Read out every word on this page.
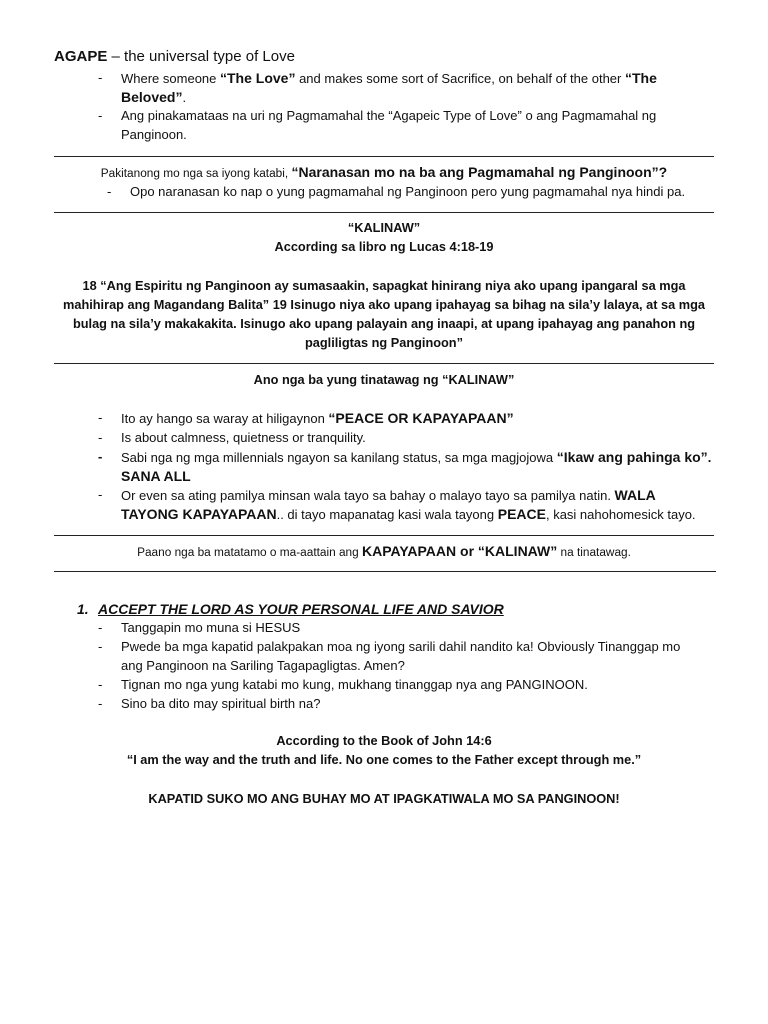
AGAPE – the universal type of Love
- Where someone “The Love” and makes some sort of Sacrifice, on behalf of the other “The
Beloved”.
- Ang pinakamataas na uri ng Pagmamahal the “Agapeic Type of Love” o ang Pagmamahal ng
Panginoon.
Pakitanong mo nga sa iyong katabi, “Naranasan mo na ba ang Pagmamahal ng Panginoon”?
- Opo naranasan ko nap o yung pagmamahal ng Panginoon pero yung pagmamahal nya hindi pa.
“KALINAW”
According sa libro ng Lucas 4:18-19
18 “Ang Espiritu ng Panginoon ay sumasaakin, sapagkat hinirang niya ako upang ipangaral sa mga
mahihirap ang Magandang Balita” 19 Isinugo niya ako upang ipahayag sa bihag na sila’y lalaya, at sa mga
bulag na sila’y makakakita. Isinugo ako upang palayain ang inaapi, at upang ipahayag ang panahon ng
pagliligtas ng Panginoon”
Ano nga ba yung tinatawag ng “KALINAW”
- Ito ay hango sa waray at hiligaynon “PEACE OR KAPAYAPAAN”
- Is about calmness, quietness or tranquility.
- Sabi nga ng mga millennials ngayon sa kanilang status, sa mga magjojowa “Ikaw ang pahinga ko”.
SANA ALL
- Or even sa ating pamilya minsan wala tayo sa bahay o malayo tayo sa pamilya natin. WALA
TAYONG KAPAYAPAAN.. di tayo mapanatag kasi wala tayong PEACE, kasi nahohomesick tayo.
Paano nga ba matatamo o ma-aattain ang KAPAYAPAAN or “KALINAW” na tinatawag.
1. ACCEPT THE LORD AS YOUR PERSONAL LIFE AND SAVIOR
- Tanggapin mo muna si HESUS
- Pwede ba mga kapatid palakpakan moa ng iyong sarili dahil nandito ka! Obviously Tinanggap mo
ang Panginoon na Sariling Tagapagligtas. Amen?
- Tignan mo nga yung katabi mo kung, mukhang tinanggap nya ang PANGINOON.
- Sino ba dito may spiritual birth na?
According to the Book of John 14:6
“I am the way and the truth and life. No one comes to the Father except through me.”
KAPATID SUKO MO ANG BUHAY MO AT IPAGKATIWALA MO SA PANGINOON!
